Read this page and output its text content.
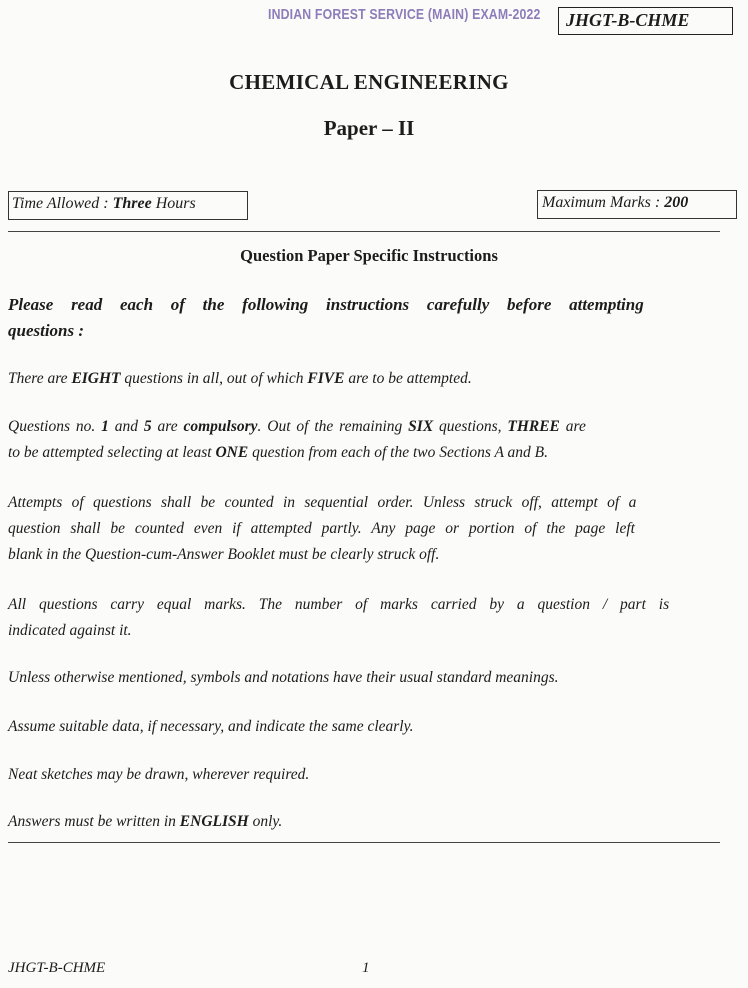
INDIAN FOREST SERVICE (MAIN) EXAM-2022	JHGT-B-CHME
CHEMICAL ENGINEERING
Paper – II
Time Allowed : Three Hours	Maximum Marks : 200
Question Paper Specific Instructions
Please read each of the following instructions carefully before attempting
questions :
There are EIGHT questions in all, out of which FIVE are to be attempted.
Questions no. 1 and 5 are compulsory. Out of the remaining SIX questions, THREE are
to be attempted selecting at least ONE question from each of the two Sections A and B.
Attempts of questions shall be counted in sequential order. Unless struck off, attempt of a
question shall be counted even if attempted partly. Any page or portion of the page left
blank in the Question-cum-Answer Booklet must be clearly struck off.
All questions carry equal marks. The number of marks carried by a question / part is
indicated against it.
Unless otherwise mentioned, symbols and notations have their usual standard meanings.
Assume suitable data, if necessary, and indicate the same clearly.
Neat sketches may be drawn, wherever required.
Answers must be written in ENGLISH only.
JHGT-B-CHME	1
